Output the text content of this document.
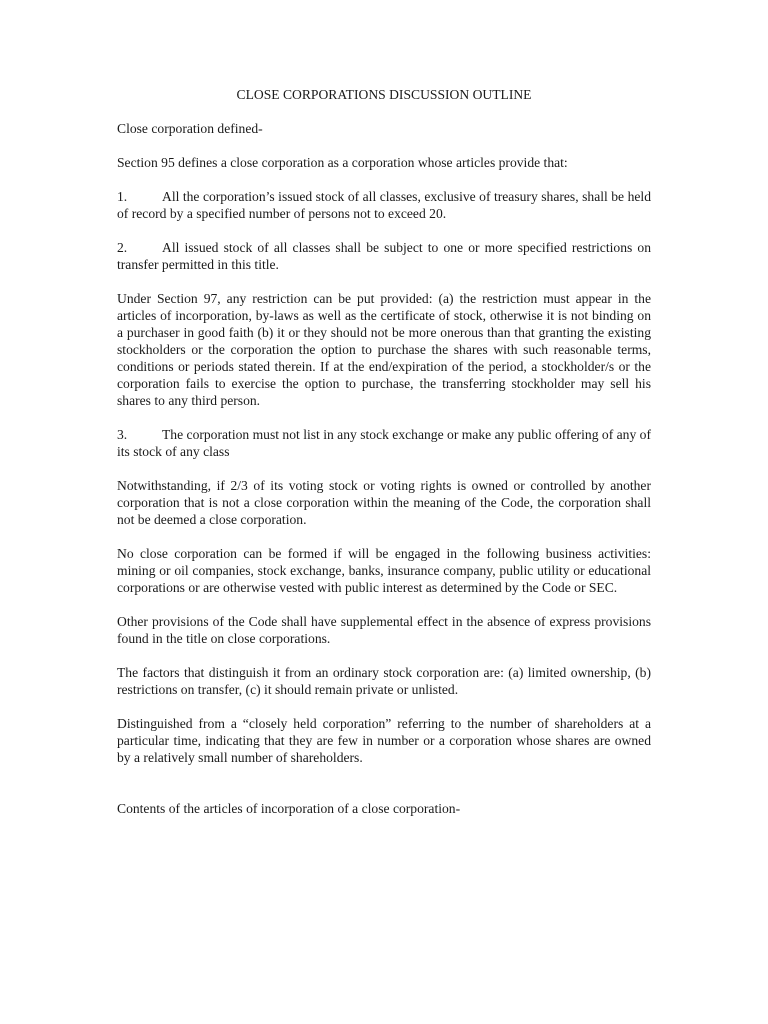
CLOSE CORPORATIONS DISCUSSION OUTLINE

Close corporation defined-

Section 95 defines a close corporation as a corporation whose articles provide that:

1.	All the corporation’s issued stock of all classes, exclusive of treasury shares, shall be held of record by a specified number of persons not to exceed 20.

2.	All issued stock of all classes shall be subject to one or more specified restrictions on transfer permitted in this title.

Under Section 97, any restriction can be put provided: (a) the restriction must appear in the articles of incorporation, by-laws as well as the certificate of stock, otherwise it is not binding on a purchaser in good faith (b) it or they should not be more onerous than that granting the existing stockholders or the corporation the option to purchase the shares with such reasonable terms, conditions or periods stated therein. If at the end/expiration of the period, a stockholder/s or the corporation fails to exercise the option to purchase, the transferring stockholder may sell his shares to any third person.

3.	The corporation must not list in any stock exchange or make any public offering of any of its stock of any class

Notwithstanding, if 2/3 of its voting stock or voting rights is owned or controlled by another corporation that is not a close corporation within the meaning of the Code, the corporation shall not be deemed a close corporation.

No close corporation can be formed if will be engaged in the following business activities: mining or oil companies, stock exchange, banks, insurance company, public utility or educational corporations or are otherwise vested with public interest as determined by the Code or SEC.

Other provisions of the Code shall have supplemental effect in the absence of express provisions found in the title on close corporations.

The factors that distinguish it from an ordinary stock corporation are: (a) limited ownership, (b) restrictions on transfer, (c) it should remain private or unlisted.

Distinguished from a “closely held corporation” referring to the number of shareholders at a particular time, indicating that they are few in number or a corporation whose shares are owned by a relatively small number of shareholders.

Contents of the articles of incorporation of a close corporation-
